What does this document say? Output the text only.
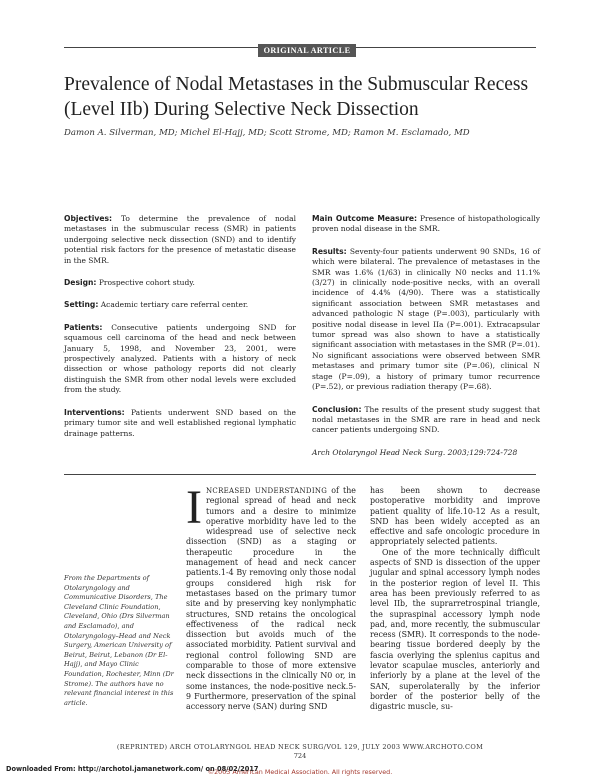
ORIGINAL ARTICLE
Prevalence of Nodal Metastases in the Submuscular Recess (Level IIb) During Selective Neck Dissection
Damon A. Silverman, MD; Michel El-Hajj, MD; Scott Strome, MD; Ramon M. Esclamado, MD

Objectives: To determine the prevalence of nodal metastases in the submuscular recess (SMR) in patients undergoing selective neck dissection (SND) and to identify potential risk factors for the presence of metastatic disease in the SMR.

Design: Prospective cohort study.

Setting: Academic tertiary care referral center.

Patients: Consecutive patients undergoing SND for squamous cell carcinoma of the head and neck between January 5, 1998, and November 23, 2001, were prospectively analyzed. Patients with a history of neck dissection or whose pathology reports did not clearly distinguish the SMR from other nodal levels were excluded from the study.

Interventions: Patients underwent SND based on the primary tumor site and well established regional lymphatic drainage patterns.

Main Outcome Measure: Presence of histopathologically proven nodal disease in the SMR.

Results: Seventy-four patients underwent 90 SNDs, 16 of which were bilateral. The prevalence of metastases in the SMR was 1.6% (1/63) in clinically N0 necks and 11.1% (3/27) in clinically node-positive necks, with an overall incidence of 4.4% (4/90). There was a statistically significant association between SMR metastases and advanced pathologic N stage (P=.003), particularly with positive nodal disease in level IIa (P=.001). Extracapsular tumor spread was also shown to have a statistically significant association with metastases in the SMR (P=.01). No significant associations were observed between SMR metastases and primary tumor site (P=.06), clinical N stage (P=.09), a history of primary tumor recurrence (P=.52), or previous radiation therapy (P=.68).

Conclusion: The results of the present study suggest that nodal metastases in the SMR are rare in head and neck cancer patients undergoing SND.

Arch Otolaryngol Head Neck Surg. 2003;129:724-728

From the Departments of Otolaryngology and Communicative Disorders, The Cleveland Clinic Foundation, Cleveland, Ohio (Drs Silverman and Esclamado), and Otolaryngology–Head and Neck Surgery, American University of Beirut, Beirut, Lebanon (Dr El-Hajj), and Mayo Clinic Foundation, Rochester, Minn (Dr Strome). The authors have no relevant financial interest in this article.

INCREASED UNDERSTANDING of the regional spread of head and neck tumors and a desire to minimize operative morbidity have led to the widespread use of selective neck dissection (SND) as a staging or therapeutic procedure in the management of head and neck cancer patients.1-4 By removing only those nodal groups considered high risk for metastases based on the primary tumor site and by preserving key nonlymphatic structures, SND retains the oncological effectiveness of the radical neck dissection but avoids much of the associated morbidity. Patient survival and regional control following SND are comparable to those of more extensive neck dissections in the clinically N0 or, in some instances, the node-positive neck.5-9 Furthermore, preservation of the spinal accessory nerve (SAN) during SND

has been shown to decrease postoperative morbidity and improve patient quality of life.10-12 As a result, SND has been widely accepted as an effective and safe oncologic procedure in appropriately selected patients.

One of the more technically difficult aspects of SND is dissection of the upper jugular and spinal accessory lymph nodes in the posterior region of level II. This area has been previously referred to as level IIb, the suprarretrospinal triangle, the supraspinal accessory lymph node pad, and, more recently, the submuscular recess (SMR). It corresponds to the node-bearing tissue bordered deeply by the fascia overlying the splenius capitus and levator scapulae muscles, anteriorly and inferiorly by a plane at the level of the SAN, superolaterally by the inferior border of the posterior belly of the digastric muscle, su-

(REPRINTED) ARCH OTOLARYNGOL HEAD NECK SURG/VOL 129, JULY 2003 WWW.ARCHOTO.COM
724
©2003 American Medical Association. All rights reserved.
Downloaded From: http://archotol.jamanetwork.com/ on 08/02/2017
